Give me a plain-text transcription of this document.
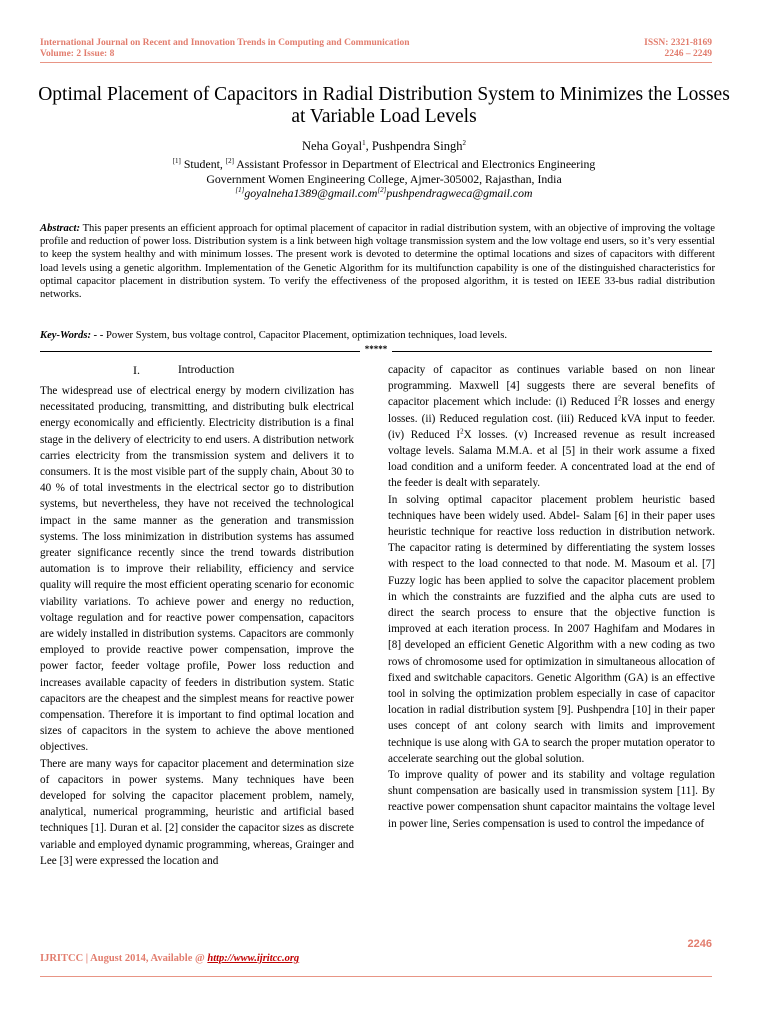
International Journal on Recent and Innovation Trends in Computing and Communication
Volume: 2 Issue: 8
ISSN: 2321-8169
2246 – 2249
Optimal Placement of Capacitors in Radial Distribution System to Minimizes the Losses at Variable Load Levels
Neha Goyal$^1$, Pushpendra Singh$^2$
[1] Student, [2] Assistant Professor in Department of Electrical and Electronics Engineering
Government Women Engineering College, Ajmer-305002, Rajasthan, India
[1]goyalneha1389@gmail.com[2]pushpendragweca@gmail.com
Abstract: This paper presents an efficient approach for optimal placement of capacitor in radial distribution system, with an objective of improving the voltage profile and reduction of power loss. Distribution system is a link between high voltage transmission system and the low voltage end users, so it’s very essential to keep the system healthy and with minimum losses. The present work is devoted to determine the optimal locations and sizes of capacitors with different load levels using a genetic algorithm. Implementation of the Genetic Algorithm for its multifunction capability is one of the distinguished characteristics for optimal capacitor placement in distribution system. To verify the effectiveness of the proposed algorithm, it is tested on IEEE 33-bus radial distribution networks.
Key-Words: - - Power System, bus voltage control, Capacitor Placement, optimization techniques, load levels.
*****
I.	Introduction

The widespread use of electrical energy by modern civilization has necessitated producing, transmitting, and distributing bulk electrical energy economically and efficiently. Electricity distribution is a final stage in the delivery of electricity to end users. A distribution network carries electricity from the transmission system and delivers it to consumers. It is the most visible part of the supply chain, About 30 to 40 % of total investments in the electrical sector go to distribution systems, but nevertheless, they have not received the technological impact in the same manner as the generation and transmission systems. The loss minimization in distribution systems has assumed greater significance recently since the trend towards distribution automation is to improve their reliability, efficiency and service quality will require the most efficient operating scenario for economic viability variations. To achieve power and energy no reduction, voltage regulation and for reactive power compensation, capacitors are widely installed in distribution systems. Capacitors are commonly employed to provide reactive power compensation, improve the power factor, feeder voltage profile, Power loss reduction and increases available capacity of feeders in distribution system. Static capacitors are the cheapest and the simplest means for reactive power compensation. Therefore it is important to find optimal location and sizes of capacitors in the system to achieve the above mentioned objectives.

There are many ways for capacitor placement and determination size of capacitors in power systems. Many techniques have been developed for solving the capacitor placement problem, namely, analytical, numerical programming, heuristic and artificial based techniques [1]. Duran et al. [2] consider the capacitor sizes as discrete variable and employed dynamic programming, whereas, Grainger and Lee [3] were expressed the location and

capacity of capacitor as continues variable based on non linear programming. Maxwell [4] suggests there are several benefits of capacitor placement which include: (i) Reduced $I^2R$ losses and energy losses. (ii) Reduced regulation cost. (iii) Reduced kVA input to feeder. (iv) Reduced $I^2X$ losses. (v) Increased revenue as result increased voltage levels. Salama M.M.A. et al [5] in their work assume a fixed load condition and a uniform feeder. A concentrated load at the end of the feeder is dealt with separately.

In solving optimal capacitor placement problem heuristic based techniques have been widely used. Abdel- Salam [6] in their paper uses heuristic technique for reactive loss reduction in distribution network. The capacitor rating is determined by differentiating the system losses with respect to the load connected to that node. M. Masoum et al. [7] Fuzzy logic has been applied to solve the capacitor placement problem in which the constraints are fuzzified and the alpha cuts are used to direct the search process to ensure that the objective function is improved at each iteration process. In 2007 Haghifam and Modares in [8] developed an efficient Genetic Algorithm with a new coding as two rows of chromosome used for optimization in simultaneous allocation of fixed and switchable capacitors. Genetic Algorithm (GA) is an effective tool in solving the optimization problem especially in case of capacitor location in radial distribution system [9]. Pushpendra [10] in their paper uses concept of ant colony search with limits and improvement technique is use along with GA to search the proper mutation operator to accelerate searching out the global solution.

To improve quality of power and its stability and voltage regulation shunt compensation are basically used in transmission system [11]. By reactive power compensation shunt capacitor maintains the voltage level in power line, Series compensation is used to control the impedance of

2246
IJRITCC | August 2014, Available @ http://www.ijritcc.org
